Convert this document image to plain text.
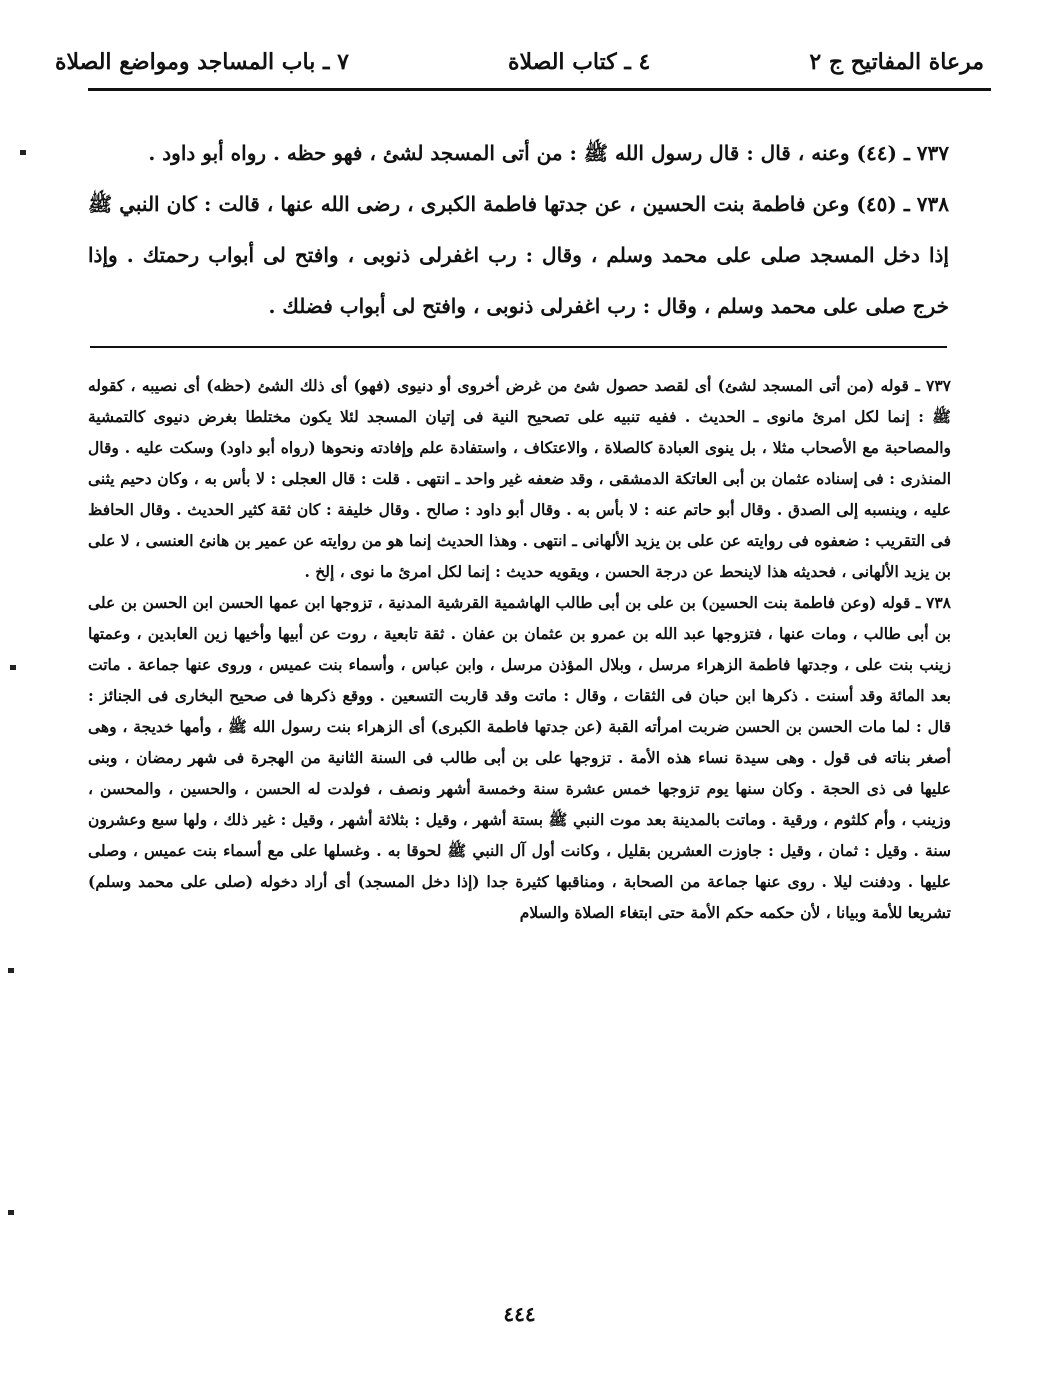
مرعاة المفاتيح ج ٢
٤ ـ كتاب الصلاة
٧ ـ باب المساجد ومواضع الصلاة

٧٣٧ ـ (٤٤) وعنه ، قال : قال رسول الله ﷺ : من أتى المسجد لشئ ، فهو حظه . رواه أبو داود .

٧٣٨ ـ (٤٥) وعن فاطمة بنت الحسين ، عن جدتها فاطمة الكبرى ، رضى الله عنها ، قالت : كان النبي ﷺ إذا دخل المسجد صلى على محمد وسلم ، وقال : رب اغفرلى ذنوبى ، وافتح لى أبواب رحمتك . وإذا خرج صلى على محمد وسلم ، وقال : رب اغفرلى ذنوبى ، وافتح لى أبواب فضلك .

٧٣٧ ـ قوله (من أتى المسجد لشئ) أى لقصد حصول شئ من غرض أخروى أو دنيوى (فهو) أى ذلك الشئ (حظه) أى نصيبه ، كقوله ﷺ : إنما لكل امرئ مانوى ـ الحديث . ففيه تنبيه على تصحيح النية فى إتيان المسجد لئلا يكون مختلطا بغرض دنيوى كالتمشية والمصاحبة مع الأصحاب مثلا ، بل ينوى العبادة كالصلاة ، والاعتكاف ، واستفادة علم وإفادته ونحوها (رواه أبو داود) وسكت عليه . وقال المنذرى : فى إسناده عثمان بن أبى العاتكة الدمشقى ، وقد ضعفه غير واحد ـ انتهى . قلت : قال العجلى : لا بأس به ، وكان دحيم يثنى عليه ، وينسبه إلى الصدق . وقال أبو حاتم عنه : لا بأس به . وقال أبو داود : صالح . وقال خليفة : كان ثقة كثير الحديث . وقال الحافظ فى التقريب : ضعفوه فى روايته عن على بن يزيد الألهانى ـ انتهى . وهذا الحديث إنما هو من روايته عن عمير بن هانئ العنسى ، لا على بن يزيد الألهانى ، فحديثه هذا لاينحط عن درجة الحسن ، ويقويه حديث : إنما لكل امرئ ما نوى ، إلخ .

٧٣٨ ـ قوله (وعن فاطمة بنت الحسين) بن على بن أبى طالب الهاشمية القرشية المدنية ، تزوجها ابن عمها الحسن ابن الحسن بن على بن أبى طالب ، ومات عنها ، فتزوجها عبد الله بن عمرو بن عثمان بن عفان . ثقة تابعية ، روت عن أبيها وأخيها زين العابدين ، وعمتها زينب بنت على ، وجدتها فاطمة الزهراء مرسل ، وبلال المؤذن مرسل ، وابن عباس ، وأسماء بنت عميس ، وروى عنها جماعة . ماتت بعد المائة وقد أسنت . ذكرها ابن حبان فى الثقات ، وقال : ماتت وقد قاربت التسعين . ووقع ذكرها فى صحيح البخارى فى الجنائز : قال : لما مات الحسن بن الحسن ضربت امرأته القبة (عن جدتها فاطمة الكبرى) أى الزهراء بنت رسول الله ﷺ ، وأمها خديجة ، وهى أصغر بناته فى قول . وهى سيدة نساء هذه الأمة . تزوجها على بن أبى طالب فى السنة الثانية من الهجرة فى شهر رمضان ، وبنى عليها فى ذى الحجة . وكان سنها يوم تزوجها خمس عشرة سنة وخمسة أشهر ونصف ، فولدت له الحسن ، والحسين ، والمحسن ، وزينب ، وأم كلثوم ، ورقية . وماتت بالمدينة بعد موت النبي ﷺ بستة أشهر ، وقيل : بثلاثة أشهر ، وقيل : غير ذلك ، ولها سبع وعشرون سنة . وقيل : ثمان ، وقيل : جاوزت العشرين بقليل ، وكانت أول آل النبي ﷺ لحوقا به . وغسلها على مع أسماء بنت عميس ، وصلى عليها . ودفنت ليلا . روى عنها جماعة من الصحابة ، ومناقبها كثيرة جدا (إذا دخل المسجد) أى أراد دخوله (صلى على محمد وسلم) تشريعا للأمة وبيانا ، لأن حكمه حكم الأمة حتى ابتغاء الصلاة والسلام

٤٤٤
